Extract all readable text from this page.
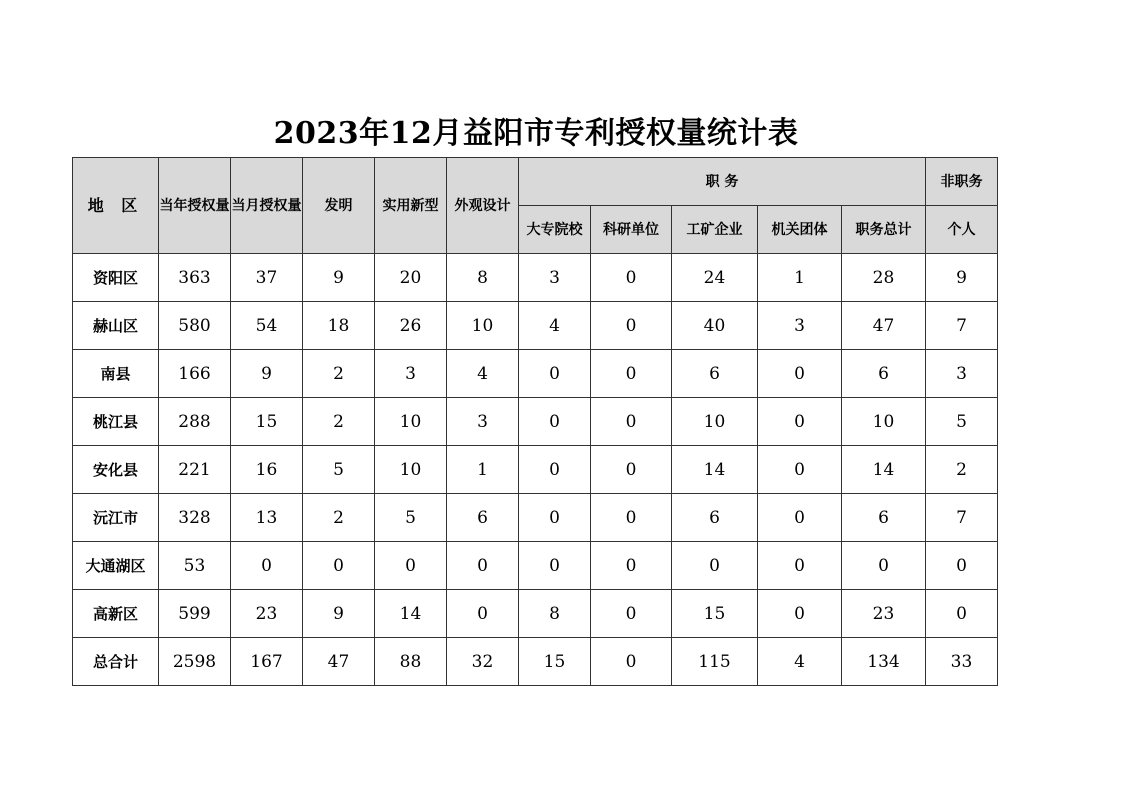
2023年12月益阳市专利授权量统计表
地 区	当年授权量	当月授权量	发明	实用新型	外观设计	职 务					非职务
						大专院校	科研单位	工矿企业	机关团体	职务总计	个人
资阳区	363	37	9	20	8	3	0	24	1	28	9
赫山区	580	54	18	26	10	4	0	40	3	47	7
南县	166	9	2	3	4	0	0	6	0	6	3
桃江县	288	15	2	10	3	0	0	10	0	10	5
安化县	221	16	5	10	1	0	0	14	0	14	2
沅江市	328	13	2	5	6	0	0	6	0	6	7
大通湖区	53	0	0	0	0	0	0	0	0	0	0
高新区	599	23	9	14	0	8	0	15	0	23	0
总合计	2598	167	47	88	32	15	0	115	4	134	33
